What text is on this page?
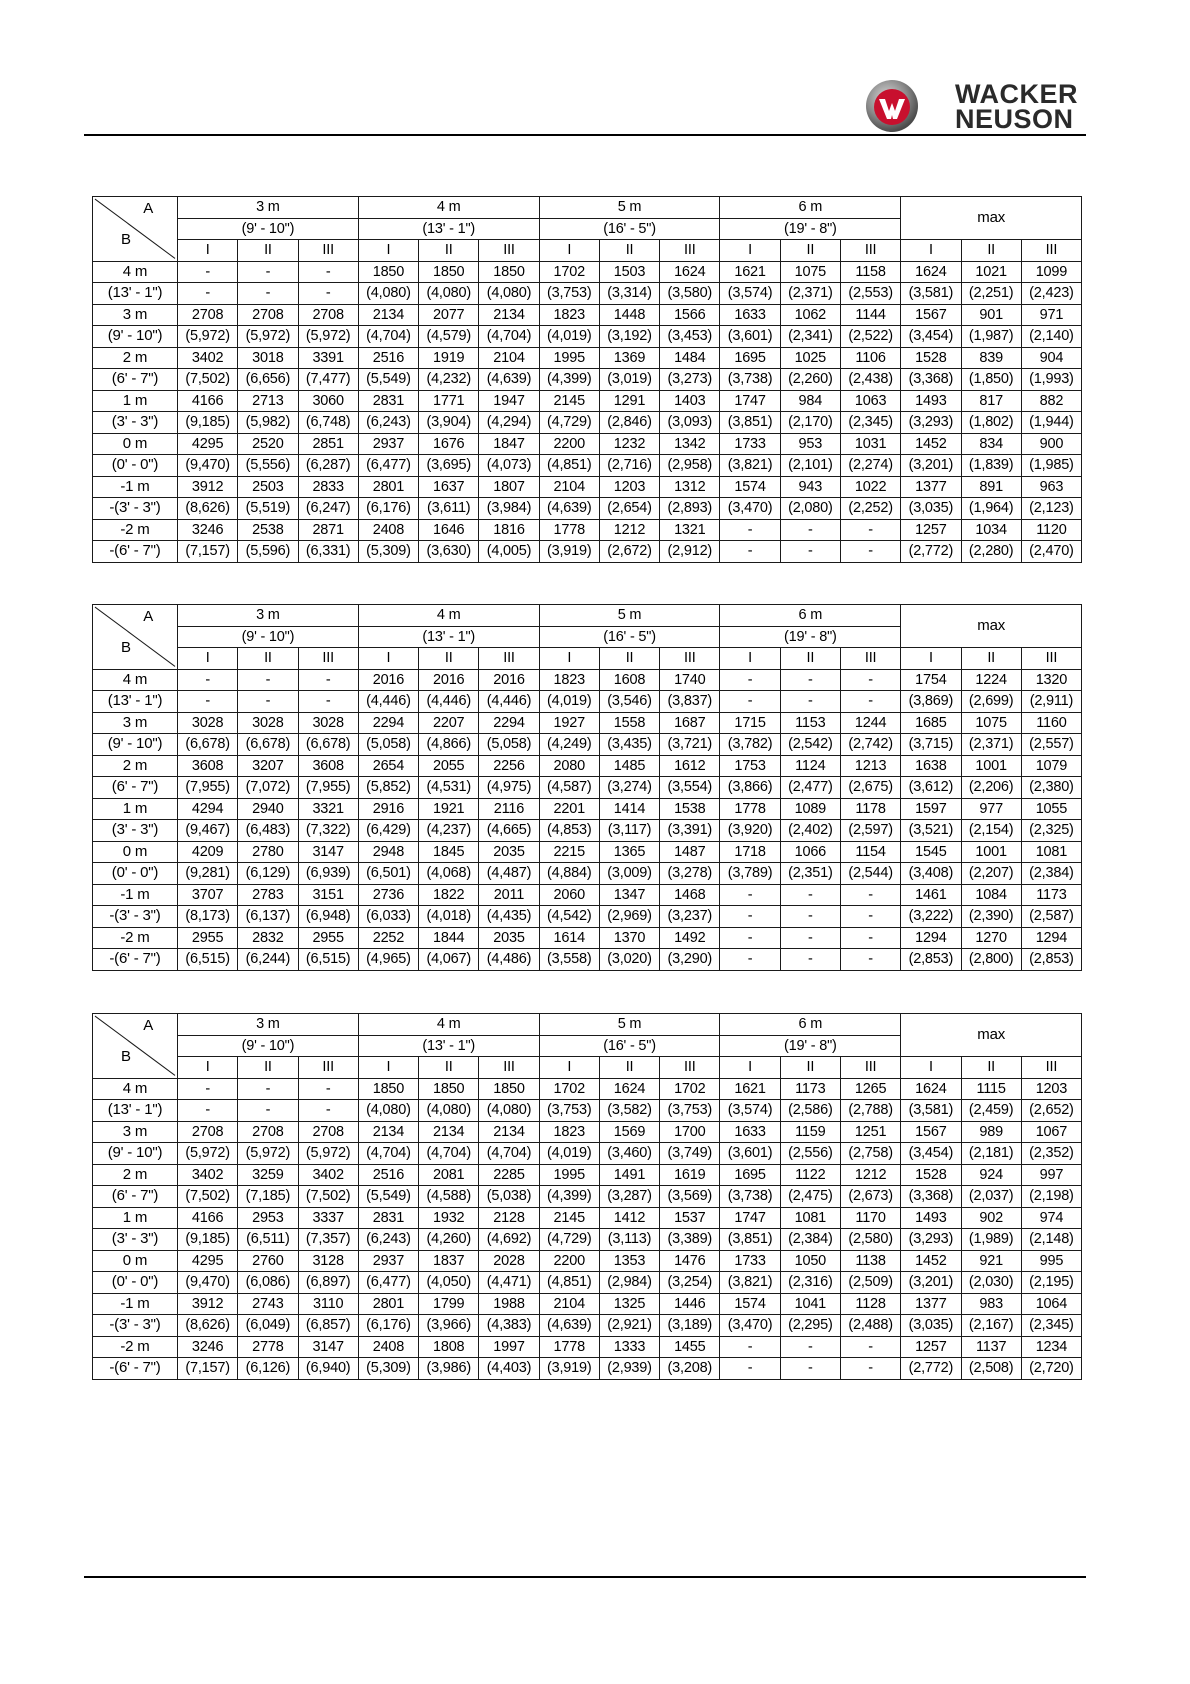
WACKER
NEUSON
A
B	3 m			4 m			5 m			6 m			max		
	(9' - 10")			(13' - 1")			(16' - 5")			(19' - 8")					
	I	II	III	I	II	III	I	II	III	I	II	III	I	II	III
4 m	-	-	-	1850	1850	1850	1702	1503	1624	1621	1075	1158	1624	1021	1099
(13' - 1")	-	-	-	(4,080)	(4,080)	(4,080)	(3,753)	(3,314)	(3,580)	(3,574)	(2,371)	(2,553)	(3,581)	(2,251)	(2,423)
3 m	2708	2708	2708	2134	2077	2134	1823	1448	1566	1633	1062	1144	1567	901	971
(9' - 10")	(5,972)	(5,972)	(5,972)	(4,704)	(4,579)	(4,704)	(4,019)	(3,192)	(3,453)	(3,601)	(2,341)	(2,522)	(3,454)	(1,987)	(2,140)
2 m	3402	3018	3391	2516	1919	2104	1995	1369	1484	1695	1025	1106	1528	839	904
(6' - 7")	(7,502)	(6,656)	(7,477)	(5,549)	(4,232)	(4,639)	(4,399)	(3,019)	(3,273)	(3,738)	(2,260)	(2,438)	(3,368)	(1,850)	(1,993)
1 m	4166	2713	3060	2831	1771	1947	2145	1291	1403	1747	984	1063	1493	817	882
(3' - 3")	(9,185)	(5,982)	(6,748)	(6,243)	(3,904)	(4,294)	(4,729)	(2,846)	(3,093)	(3,851)	(2,170)	(2,345)	(3,293)	(1,802)	(1,944)
0 m	4295	2520	2851	2937	1676	1847	2200	1232	1342	1733	953	1031	1452	834	900
(0' - 0")	(9,470)	(5,556)	(6,287)	(6,477)	(3,695)	(4,073)	(4,851)	(2,716)	(2,958)	(3,821)	(2,101)	(2,274)	(3,201)	(1,839)	(1,985)
-1 m	3912	2503	2833	2801	1637	1807	2104	1203	1312	1574	943	1022	1377	891	963
-(3' - 3")	(8,626)	(5,519)	(6,247)	(6,176)	(3,611)	(3,984)	(4,639)	(2,654)	(2,893)	(3,470)	(2,080)	(2,252)	(3,035)	(1,964)	(2,123)
-2 m	3246	2538	2871	2408	1646	1816	1778	1212	1321	-	-	-	1257	1034	1120
-(6' - 7")	(7,157)	(5,596)	(6,331)	(5,309)	(3,630)	(4,005)	(3,919)	(2,672)	(2,912)	-	-	-	(2,772)	(2,280)	(2,470)
A
B	3 m			4 m			5 m			6 m			max		
	(9' - 10")			(13' - 1")			(16' - 5")			(19' - 8")					
	I	II	III	I	II	III	I	II	III	I	II	III	I	II	III
4 m	-	-	-	2016	2016	2016	1823	1608	1740	-	-	-	1754	1224	1320
(13' - 1")	-	-	-	(4,446)	(4,446)	(4,446)	(4,019)	(3,546)	(3,837)	-	-	-	(3,869)	(2,699)	(2,911)
3 m	3028	3028	3028	2294	2207	2294	1927	1558	1687	1715	1153	1244	1685	1075	1160
(9' - 10")	(6,678)	(6,678)	(6,678)	(5,058)	(4,866)	(5,058)	(4,249)	(3,435)	(3,721)	(3,782)	(2,542)	(2,742)	(3,715)	(2,371)	(2,557)
2 m	3608	3207	3608	2654	2055	2256	2080	1485	1612	1753	1124	1213	1638	1001	1079
(6' - 7")	(7,955)	(7,072)	(7,955)	(5,852)	(4,531)	(4,975)	(4,587)	(3,274)	(3,554)	(3,866)	(2,477)	(2,675)	(3,612)	(2,206)	(2,380)
1 m	4294	2940	3321	2916	1921	2116	2201	1414	1538	1778	1089	1178	1597	977	1055
(3' - 3")	(9,467)	(6,483)	(7,322)	(6,429)	(4,237)	(4,665)	(4,853)	(3,117)	(3,391)	(3,920)	(2,402)	(2,597)	(3,521)	(2,154)	(2,325)
0 m	4209	2780	3147	2948	1845	2035	2215	1365	1487	1718	1066	1154	1545	1001	1081
(0' - 0")	(9,281)	(6,129)	(6,939)	(6,501)	(4,068)	(4,487)	(4,884)	(3,009)	(3,278)	(3,789)	(2,351)	(2,544)	(3,408)	(2,207)	(2,384)
-1 m	3707	2783	3151	2736	1822	2011	2060	1347	1468	-	-	-	1461	1084	1173
-(3' - 3")	(8,173)	(6,137)	(6,948)	(6,033)	(4,018)	(4,435)	(4,542)	(2,969)	(3,237)	-	-	-	(3,222)	(2,390)	(2,587)
-2 m	2955	2832	2955	2252	1844	2035	1614	1370	1492	-	-	-	1294	1270	1294
-(6' - 7")	(6,515)	(6,244)	(6,515)	(4,965)	(4,067)	(4,486)	(3,558)	(3,020)	(3,290)	-	-	-	(2,853)	(2,800)	(2,853)
A
B	3 m			4 m			5 m			6 m			max		
	(9' - 10")			(13' - 1")			(16' - 5")			(19' - 8")					
	I	II	III	I	II	III	I	II	III	I	II	III	I	II	III
4 m	-	-	-	1850	1850	1850	1702	1624	1702	1621	1173	1265	1624	1115	1203
(13' - 1")	-	-	-	(4,080)	(4,080)	(4,080)	(3,753)	(3,582)	(3,753)	(3,574)	(2,586)	(2,788)	(3,581)	(2,459)	(2,652)
3 m	2708	2708	2708	2134	2134	2134	1823	1569	1700	1633	1159	1251	1567	989	1067
(9' - 10")	(5,972)	(5,972)	(5,972)	(4,704)	(4,704)	(4,704)	(4,019)	(3,460)	(3,749)	(3,601)	(2,556)	(2,758)	(3,454)	(2,181)	(2,352)
2 m	3402	3259	3402	2516	2081	2285	1995	1491	1619	1695	1122	1212	1528	924	997
(6' - 7")	(7,502)	(7,185)	(7,502)	(5,549)	(4,588)	(5,038)	(4,399)	(3,287)	(3,569)	(3,738)	(2,475)	(2,673)	(3,368)	(2,037)	(2,198)
1 m	4166	2953	3337	2831	1932	2128	2145	1412	1537	1747	1081	1170	1493	902	974
(3' - 3")	(9,185)	(6,511)	(7,357)	(6,243)	(4,260)	(4,692)	(4,729)	(3,113)	(3,389)	(3,851)	(2,384)	(2,580)	(3,293)	(1,989)	(2,148)
0 m	4295	2760	3128	2937	1837	2028	2200	1353	1476	1733	1050	1138	1452	921	995
(0' - 0")	(9,470)	(6,086)	(6,897)	(6,477)	(4,050)	(4,471)	(4,851)	(2,984)	(3,254)	(3,821)	(2,316)	(2,509)	(3,201)	(2,030)	(2,195)
-1 m	3912	2743	3110	2801	1799	1988	2104	1325	1446	1574	1041	1128	1377	983	1064
-(3' - 3")	(8,626)	(6,049)	(6,857)	(6,176)	(3,966)	(4,383)	(4,639)	(2,921)	(3,189)	(3,470)	(2,295)	(2,488)	(3,035)	(2,167)	(2,345)
-2 m	3246	2778	3147	2408	1808	1997	1778	1333	1455	-	-	-	1257	1137	1234
-(6' - 7")	(7,157)	(6,126)	(6,940)	(5,309)	(3,986)	(4,403)	(3,919)	(2,939)	(3,208)	-	-	-	(2,772)	(2,508)	(2,720)
